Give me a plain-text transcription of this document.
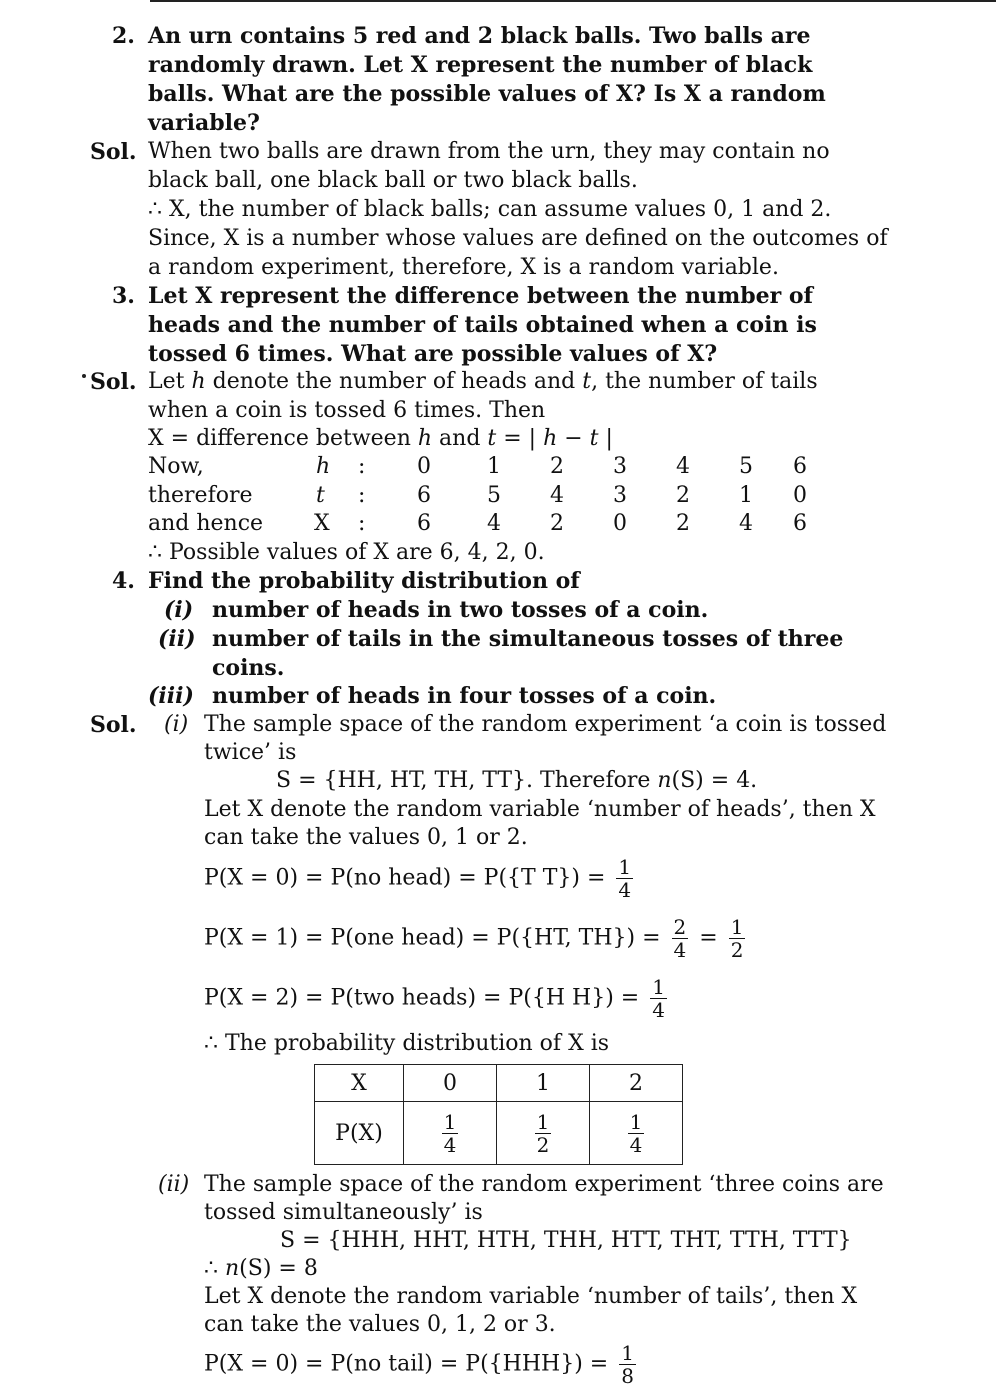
2. An urn contains 5 red and 2 black balls. Two balls are
randomly drawn. Let X represent the number of black
balls. What are the possible values of X? Is X a random
variable?
Sol. When two balls are drawn from the urn, they may contain no
black ball, one black ball or two black balls.
∴ X, the number of black balls; can assume values 0, 1 and 2.
Since, X is a number whose values are defined on the outcomes of
a random experiment, therefore, X is a random variable.
3. Let X represent the difference between the number of
heads and the number of tails obtained when a coin is
tossed 6 times. What are possible values of X?
Sol. Let h denote the number of heads and t, the number of tails
when a coin is tossed 6 times. Then
X = difference between h and t = | h − t |
Now,	h :	0	1	2	3	4	5	6
therefore	t :	6	5	4	3	2	1	0
and hence X :	6	4	2	0	2	4	6
∴ Possible values of X are 6, 4, 2, 0.
4. Find the probability distribution of
(i) number of heads in two tosses of a coin.
(ii) number of tails in the simultaneous tosses of three
coins.
(iii) number of heads in four tosses of a coin.
Sol. (i) The sample space of the random experiment ‘a coin is tossed
twice’ is
S = {HH, HT, TH, TT}. Therefore n(S) = 4.
Let X denote the random variable ‘number of heads’, then X
can take the values 0, 1 or 2.
P(X = 0) = P(no head) = P({T $T\}) = \frac{1}{4}$
P(X = 1) = P(one head) = P({HT, $TH\}) = \frac{2}{4} = \frac{1}{2}$
P(X = 2) = P(two heads) = P({H $H\}) = \frac{1}{4}$
∴ The probability distribution of X is
X	0	1	2
P(X)	$\frac{1}{4}$	$\frac{1}{2}$	$\frac{1}{4}$
(ii) The sample space of the random experiment ‘three coins are
tossed simultaneously’ is
S = {HHH, HHT, HTH, THH, HTT, THT, TTH, TTT}
∴ n(S) = 8
Let X denote the random variable ‘number of tails’, then X
can take the values 0, 1, 2 or 3.
P(X = 0) = P(no tail) = $P(\{HHH\}) = \frac{1}{8}$
